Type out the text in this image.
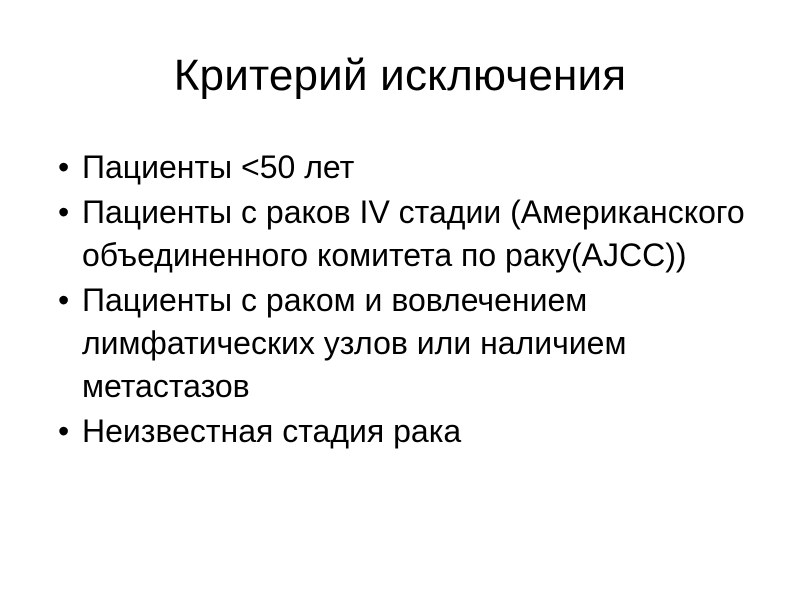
Критерий исключения
• Пациенты <50 лет
• Пациенты с раков IV стадии (Американского объединенного комитета по раку(AJCC))
• Пациенты с раком и вовлечением лимфатических узлов или наличием метастазов
• Неизвестная стадия рака
